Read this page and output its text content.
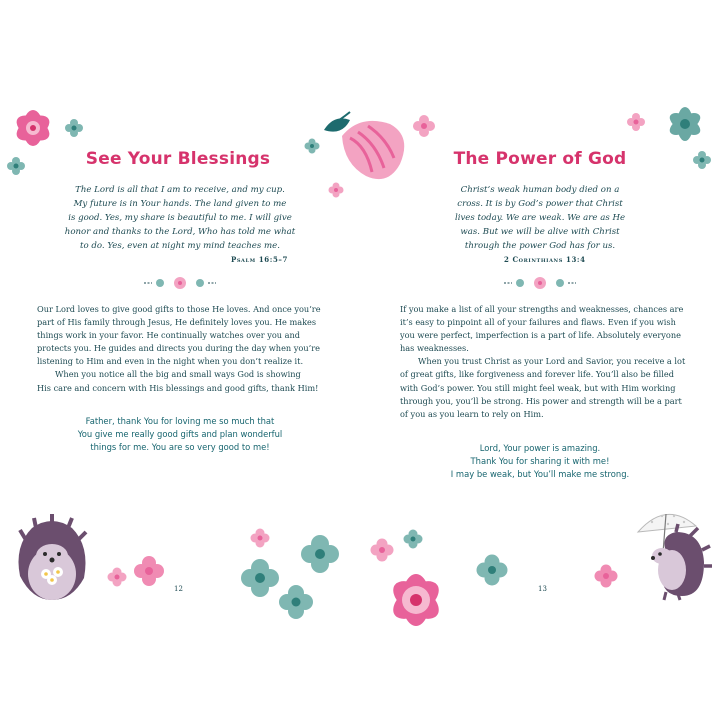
See Your Blessings
The Lord is all that I am to receive, and my cup.
My future is in Your hands. The land given to me
is good. Yes, my share is beautiful to me. I will give
honor and thanks to the Lord, Who has told me what
to do. Yes, even at night my mind teaches me.
Psalm 16:5–7
Our Lord loves to give good gifts to those He loves. And once you’re
part of His family through Jesus, He definitely loves you. He makes
things work in your favor. He continually watches over you and
protects you. He guides and directs you during the day when you’re
listening to Him and even in the night when you don’t realize it.
When you notice all the big and small ways God is showing
His care and concern with His blessings and good gifts, thank Him!
Father, thank You for loving me so much that
You give me really good gifts and plan wonderful
things for me. You are so very good to me!
12
The Power of God
Christ’s weak human body died on a
cross. It is by God’s power that Christ
lives today. We are weak. We are as He
was. But we will be alive with Christ
through the power God has for us.
2 Corinthians 13:4
If you make a list of all your strengths and weaknesses, chances are
it’s easy to pinpoint all of your failures and flaws. Even if you wish
you were perfect, imperfection is a part of life. Absolutely everyone
has weaknesses.
When you trust Christ as your Lord and Savior, you receive a lot
of great gifts, like forgiveness and forever life. You’ll also be filled
with God’s power. You still might feel weak, but with Him working
through you, you’ll be strong. His power and strength will be a part
of you as you learn to rely on Him.
Lord, Your power is amazing.
Thank You for sharing it with me!
I may be weak, but You’ll make me strong.
13
